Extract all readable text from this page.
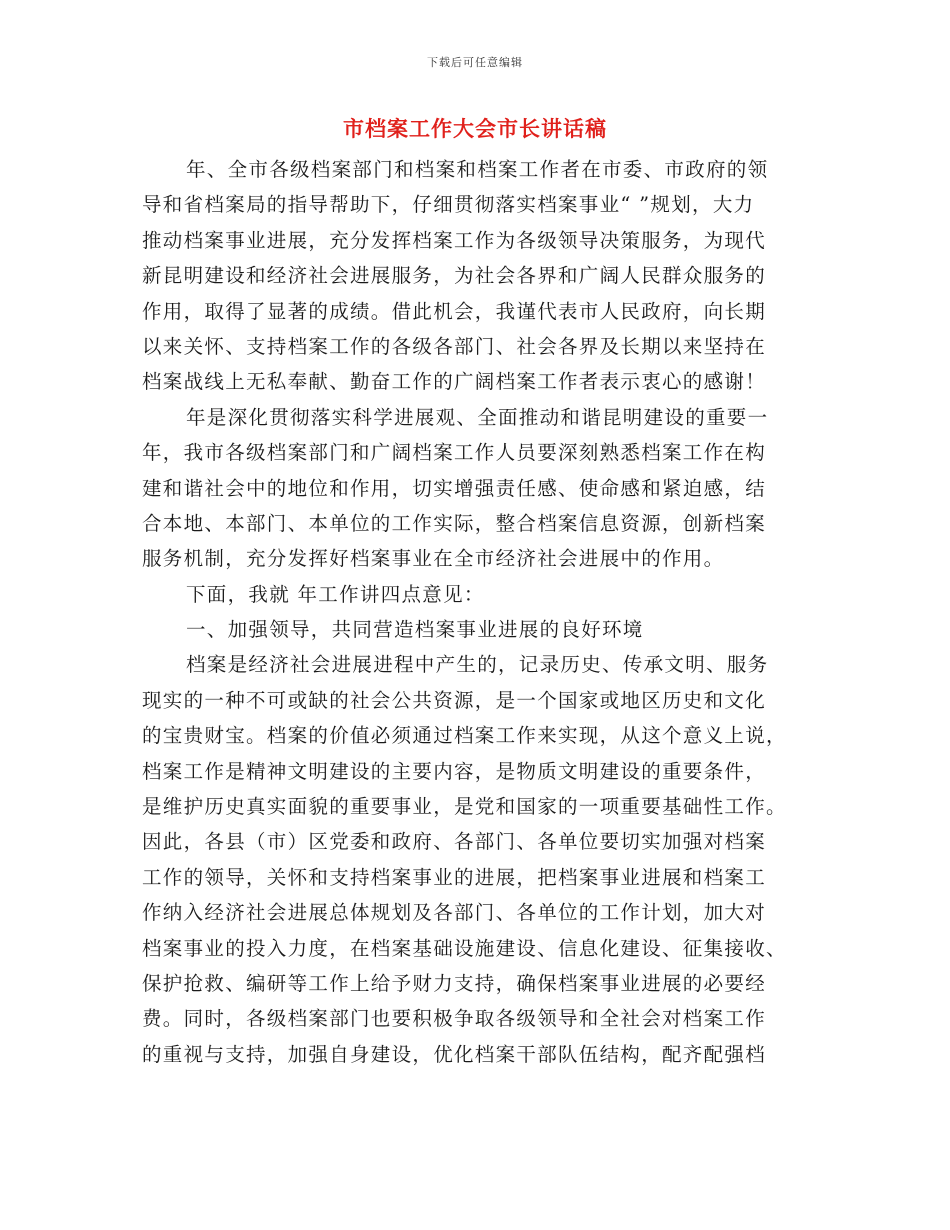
下载后可任意编辑
市档案工作大会市长讲话稿
年、全市各级档案部门和档案和档案工作者在市委、市政府的领
导和省档案局的指导帮助下，仔细贯彻落实档案事业“ ”规划，大力
推动档案事业进展，充分发挥档案工作为各级领导决策服务，为现代
新昆明建设和经济社会进展服务，为社会各界和广阔人民群众服务的
作用，取得了显著的成绩。借此机会，我谨代表市人民政府，向长期
以来关怀、支持档案工作的各级各部门、社会各界及长期以来坚持在
档案战线上无私奉献、勤奋工作的广阔档案工作者表示衷心的感谢！
年是深化贯彻落实科学进展观、全面推动和谐昆明建设的重要一
年，我市各级档案部门和广阔档案工作人员要深刻熟悉档案工作在构
建和谐社会中的地位和作用，切实增强责任感、使命感和紧迫感，结
合本地、本部门、本单位的工作实际，整合档案信息资源，创新档案
服务机制，充分发挥好档案事业在全市经济社会进展中的作用。
下面，我就 年工作讲四点意见：
一、加强领导，共同营造档案事业进展的良好环境
档案是经济社会进展进程中产生的，记录历史、传承文明、服务
现实的一种不可或缺的社会公共资源，是一个国家或地区历史和文化
的宝贵财宝。档案的价值必须通过档案工作来实现，从这个意义上说，
档案工作是精神文明建设的主要内容，是物质文明建设的重要条件，
是维护历史真实面貌的重要事业，是党和国家的一项重要基础性工作。
因此，各县（市）区党委和政府、各部门、各单位要切实加强对档案
工作的领导，关怀和支持档案事业的进展，把档案事业进展和档案工
作纳入经济社会进展总体规划及各部门、各单位的工作计划，加大对
档案事业的投入力度，在档案基础设施建设、信息化建设、征集接收、
保护抢救、编研等工作上给予财力支持，确保档案事业进展的必要经
费。同时，各级档案部门也要积极争取各级领导和全社会对档案工作
的重视与支持，加强自身建设，优化档案干部队伍结构，配齐配强档
